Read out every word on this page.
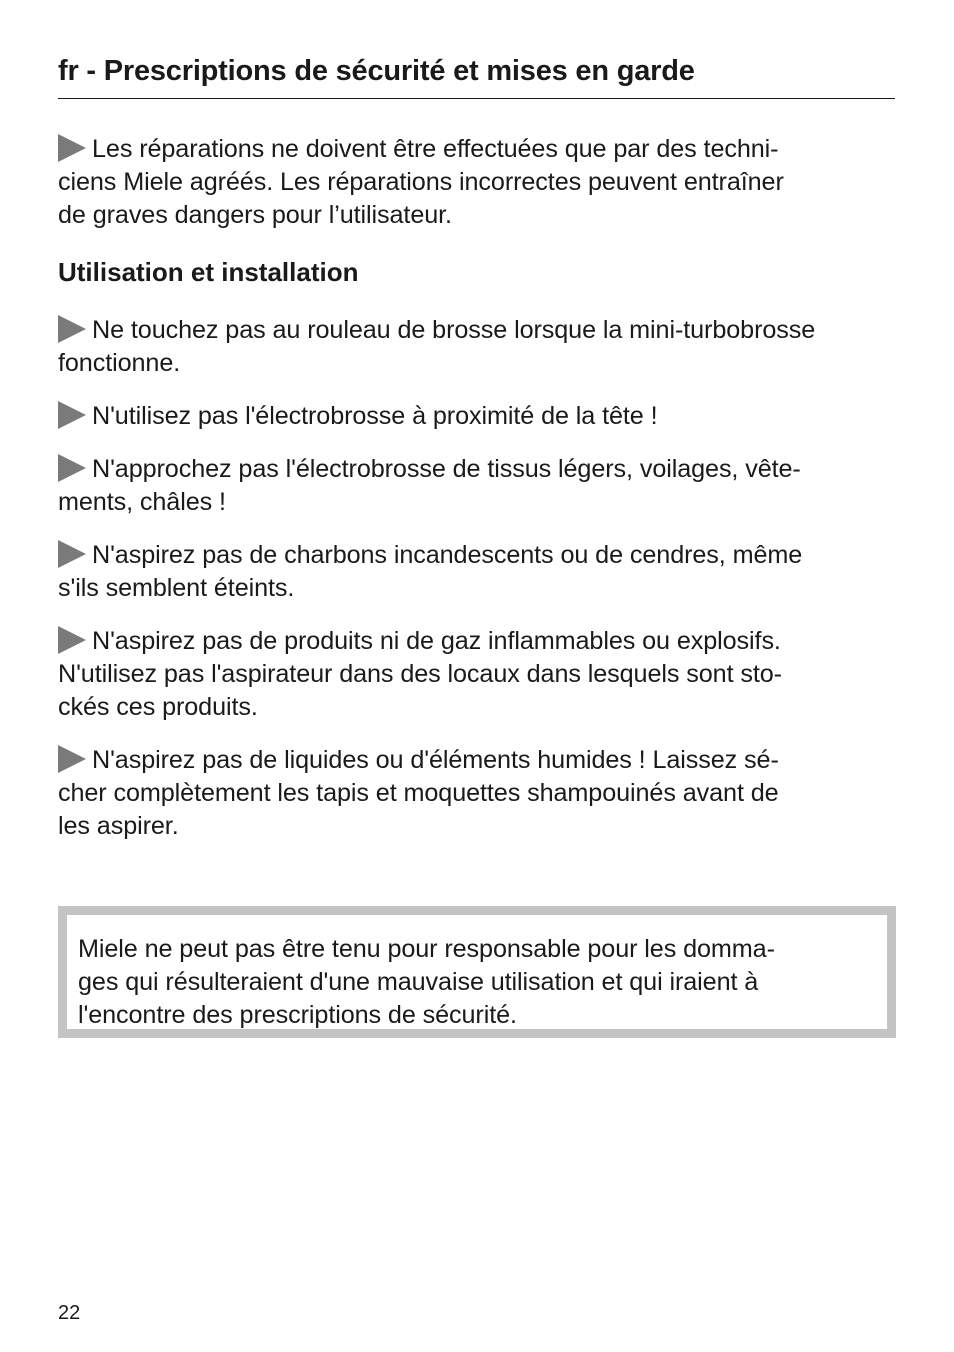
fr - Prescriptions de sécurité et mises en garde

Les réparations ne doivent être effectuées que par des techni-
ciens Miele agréés. Les réparations incorrectes peuvent entraîner
de graves dangers pour l’utilisateur.

Utilisation et installation

Ne touchez pas au rouleau de brosse lorsque la mini-turbobrosse
fonctionne.

N'utilisez pas l'électrobrosse à proximité de la tête !

N'approchez pas l'électrobrosse de tissus légers, voilages, vête-
ments, châles !

N'aspirez pas de charbons incandescents ou de cendres, même
s'ils semblent éteints.

N'aspirez pas de produits ni de gaz inflammables ou explosifs.
N'utilisez pas l'aspirateur dans des locaux dans lesquels sont sto-
ckés ces produits.

N'aspirez pas de liquides ou d'éléments humides ! Laissez sé-
cher complètement les tapis et moquettes shampouinés avant de
les aspirer.

Miele ne peut pas être tenu pour responsable pour les domma-
ges qui résulteraient d'une mauvaise utilisation et qui iraient à
l'encontre des prescriptions de sécurité.

22
